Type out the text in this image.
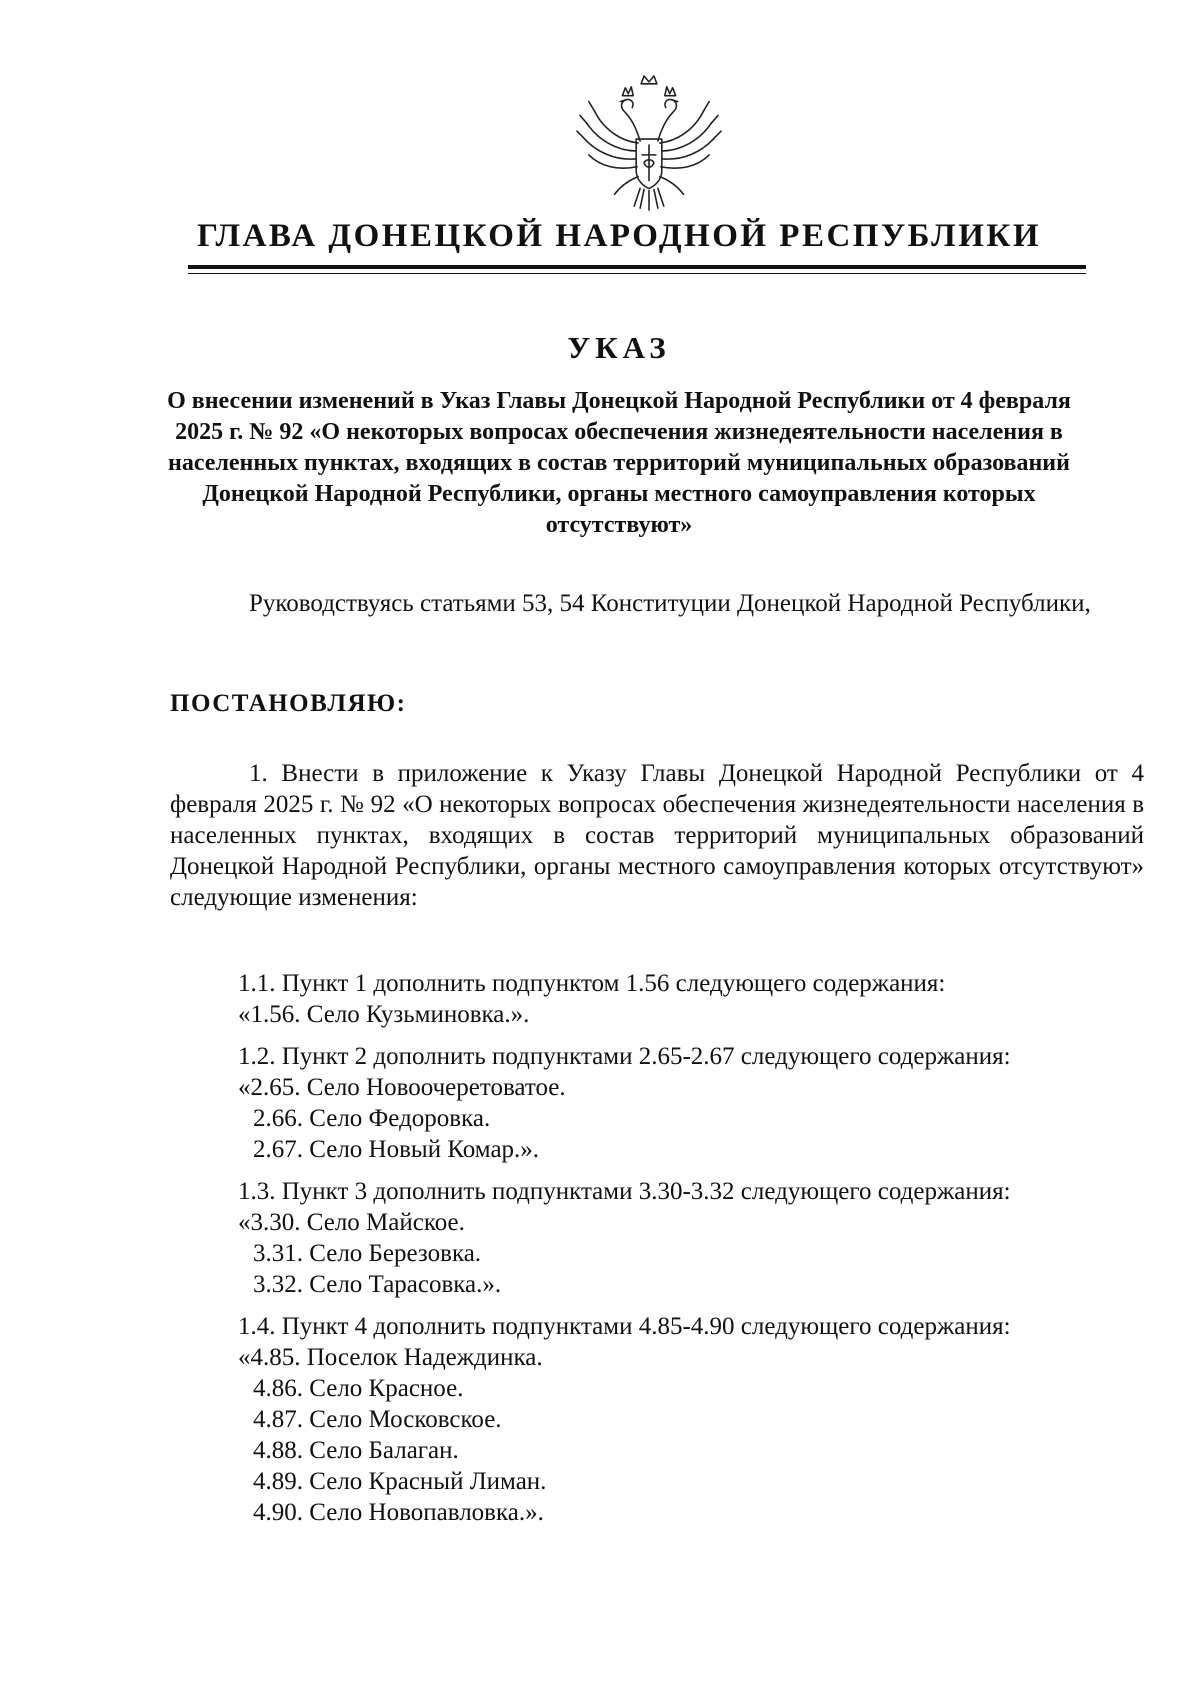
ГЛАВА ДОНЕЦКОЙ НАРОДНОЙ РЕСПУБЛИКИ
УКАЗ

О внесении изменений в Указ Главы Донецкой Народной Республики от 4 февраля 2025 г. № 92 «О некоторых вопросах обеспечения жизнедеятельности населения в населенных пунктах, входящих в состав территорий муниципальных образований Донецкой Народной Республики, органы местного самоуправления которых отсутствуют»

Руководствуясь статьями 53, 54 Конституции Донецкой Народной Республики,

ПОСТАНОВЛЯЮ:

1. Внести в приложение к Указу Главы Донецкой Народной Республики от 4 февраля 2025 г. № 92 «О некоторых вопросах обеспечения жизнедеятельности населения в населенных пунктах, входящих в состав территорий муниципальных образований Донецкой Народной Республики, органы местного самоуправления которых отсутствуют» следующие изменения:

1.1. Пункт 1 дополнить подпунктом 1.56 следующего содержания:

«1.56. Село Кузьминовка.».

1.2. Пункт 2 дополнить подпунктами 2.65-2.67 следующего содержания:

«2.65. Село Новоочеретоватое.

2.66. Село Федоровка.

2.67. Село Новый Комар.».

1.3. Пункт 3 дополнить подпунктами 3.30-3.32 следующего содержания:

«3.30. Село Майское.

3.31. Село Березовка.

3.32. Село Тарасовка.».

1.4. Пункт 4 дополнить подпунктами 4.85-4.90 следующего содержания:

«4.85. Поселок Надеждинка.

4.86. Село Красное.

4.87. Село Московское.

4.88. Село Балаган.

4.89. Село Красный Лиман.

4.90. Село Новопавловка.».
